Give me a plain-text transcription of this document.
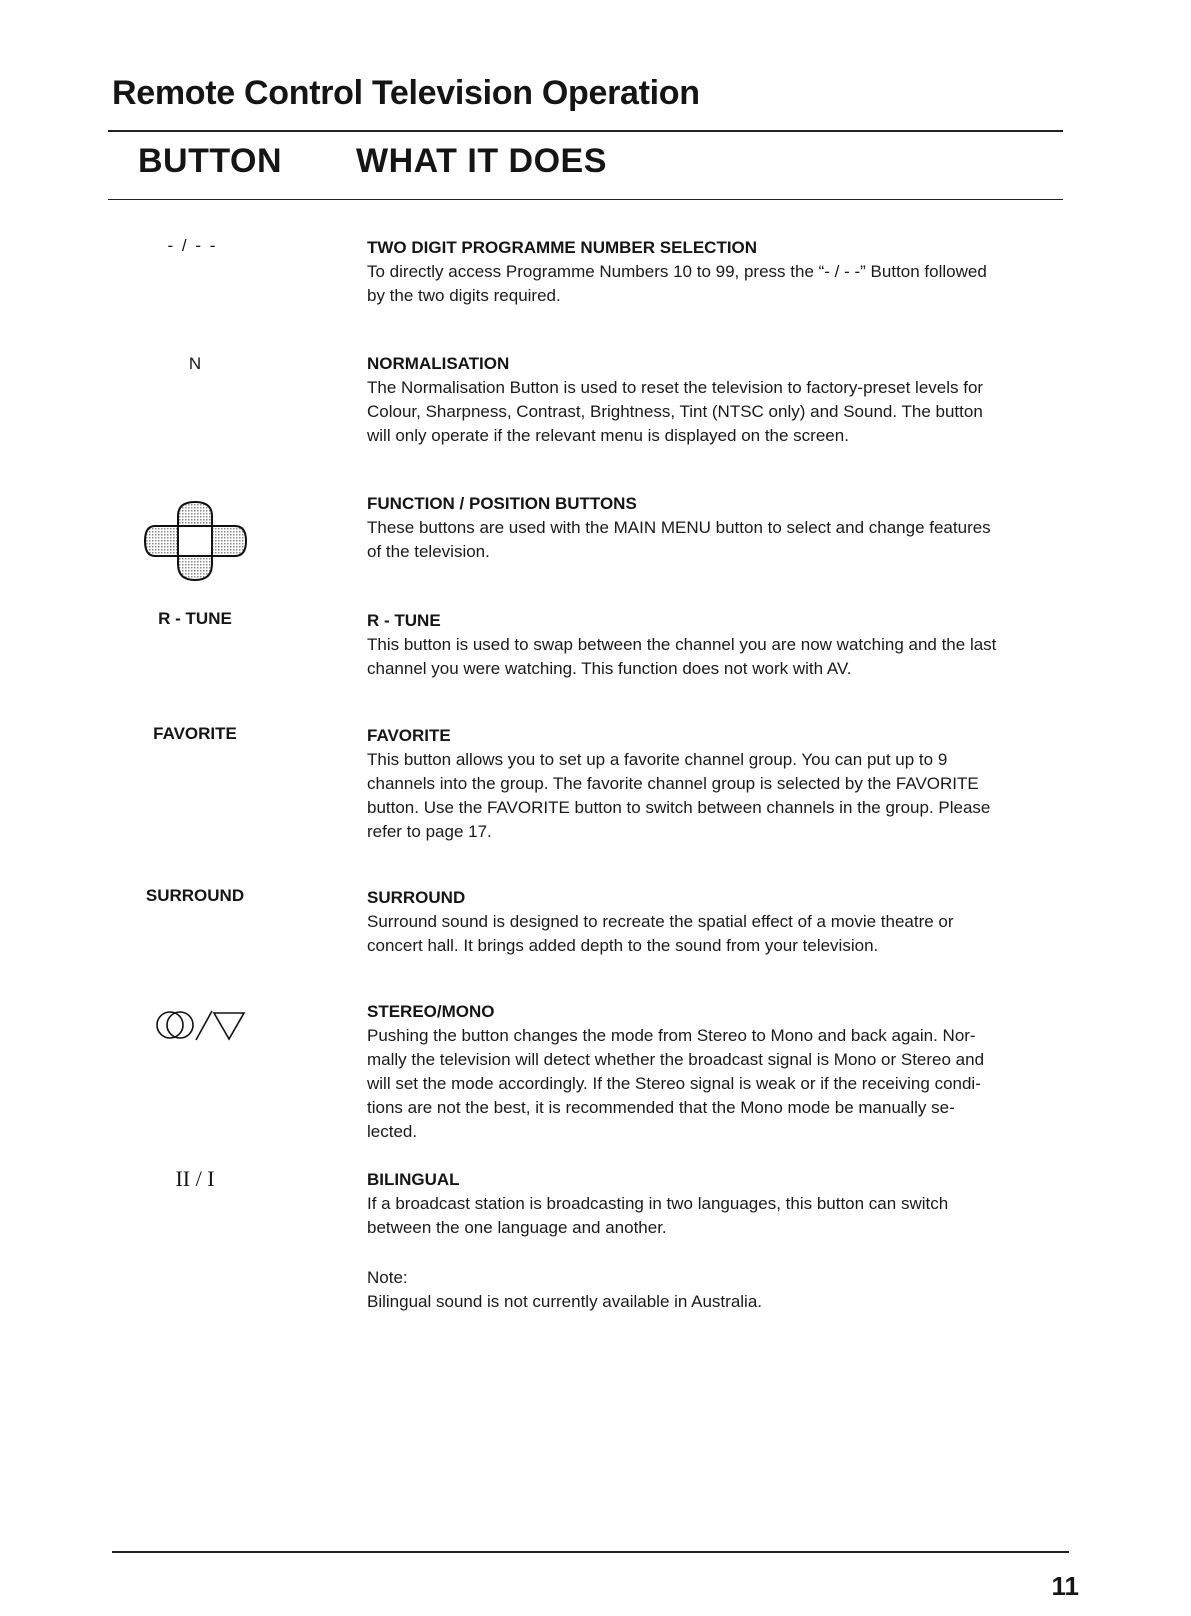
Remote Control Television Operation
BUTTON WHAT IT DOES
- / - -	TWO DIGIT PROGRAMME NUMBER SELECTION

To directly access Programme Numbers 10 to 99, press the “- / - -” Button followed
by the two digits required.

N	NORMALISATION

The Normalisation Button is used to reset the television to factory-preset levels for
Colour, Sharpness, Contrast, Brightness, Tint (NTSC only) and Sound. The button
will only operate if the relevant menu is displayed on the screen.

FUNCTION / POSITION BUTTONS

These buttons are used with the MAIN MENU button to select and change features
of the television.

R - TUNE	R - TUNE

This button is used to swap between the channel you are now watching and the last
channel you were watching. This function does not work with AV.

FAVORITE	FAVORITE

This button allows you to set up a favorite channel group. You can put up to 9
channels into the group. The favorite channel group is selected by the FAVORITE
button. Use the FAVORITE button to switch between channels in the group. Please
refer to page 17.

SURROUND	SURROUND

Surround sound is designed to recreate the spatial effect of a movie theatre or
concert hall. It brings added depth to the sound from your television.

STEREO/MONO

Pushing the button changes the mode from Stereo to Mono and back again. Nor-
mally the television will detect whether the broadcast signal is Mono or Stereo and
will set the mode accordingly. If the Stereo signal is weak or if the receiving condi-
tions are not the best, it is recommended that the Mono mode be manually se-
lected.

II / I	BILINGUAL

If a broadcast station is broadcasting in two languages, this button can switch
between the one language and another.

Note:

Bilingual sound is not currently available in Australia.

11
